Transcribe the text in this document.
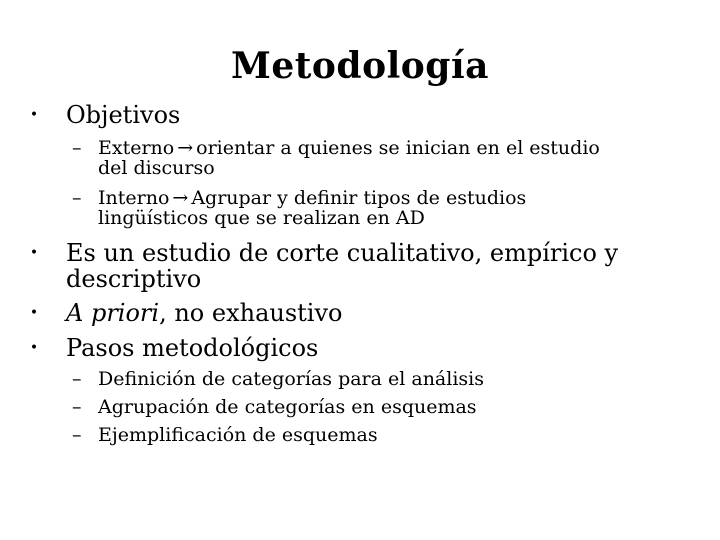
Metodología
• Objetivos
– Externo → orientar a quienes se inician en el estudio
del discurso
– Interno → Agrupar y definir tipos de estudios
lingüísticos que se realizan en AD
• Es un estudio de corte cualitativo, empírico y
descriptivo
• A priori, no exhaustivo
• Pasos metodológicos
– Definición de categorías para el análisis
– Agrupación de categorías en esquemas
– Ejemplificación de esquemas
